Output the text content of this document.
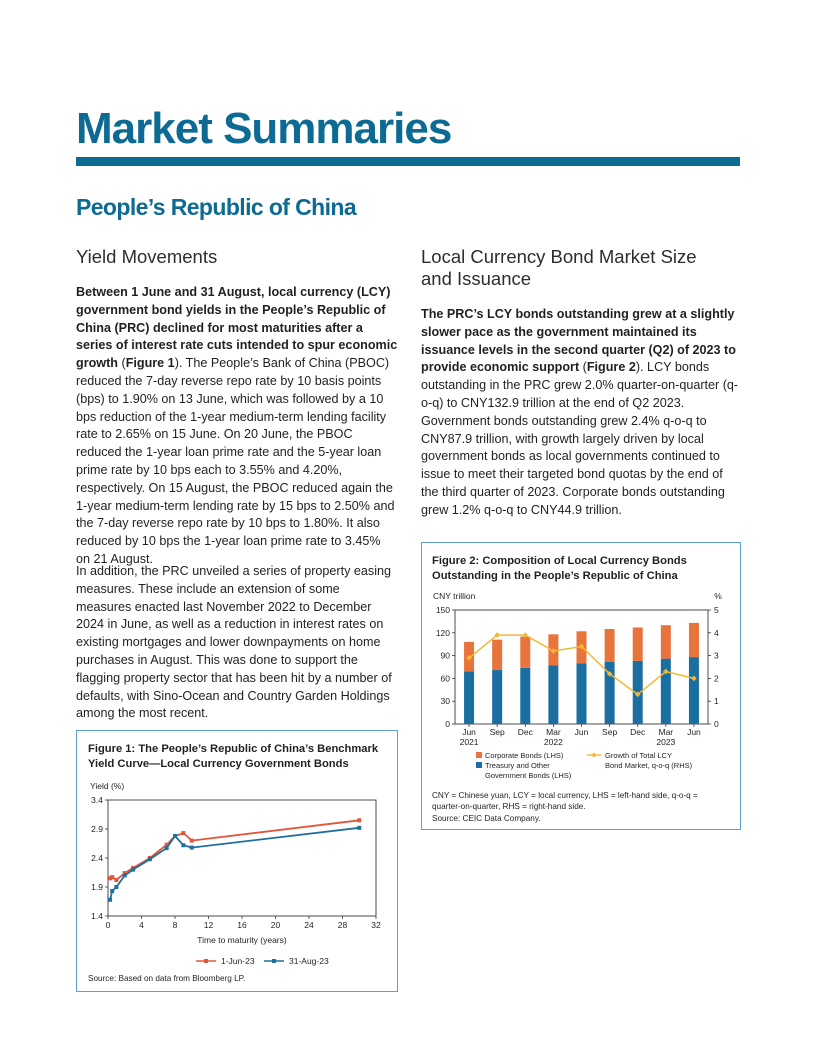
Market Summaries
People’s Republic of China
Yield Movements

Between 1 June and 31 August, local currency (LCY) government bond yields in the People’s Republic of China (PRC) declined for most maturities after a series of interest rate cuts intended to spur economic growth (Figure 1). The People’s Bank of China (PBOC) reduced the 7-day reverse repo rate by 10 basis points (bps) to 1.90% on 13 June, which was followed by a 10 bps reduction of the 1-year medium-term lending facility rate to 2.65% on 15 June. On 20 June, the PBOC reduced the 1-year loan prime rate and the 5-year loan prime rate by 10 bps each to 3.55% and 4.20%, respectively. On 15 August, the PBOC reduced again the 1-year medium-term lending rate by 15 bps to 2.50% and the 7-day reverse repo rate by 10 bps to 1.80%. It also reduced by 10 bps the 1-year loan prime rate to 3.45% on 21 August.

In addition, the PRC unveiled a series of property easing measures. These include an extension of some measures enacted last November 2022 to December 2024 in June, as well as a reduction in interest rates on existing mortgages and lower downpayments on home purchases in August. This was done to support the flagging property sector that has been hit by a number of defaults, with Sino-Ocean and Country Garden Holdings among the most recent.

Local Currency Bond Market Size
and Issuance

The PRC’s LCY bonds outstanding grew at a slightly slower pace as the government maintained its issuance levels in the second quarter (Q2) of 2023 to provide economic support (Figure 2). LCY bonds outstanding in the PRC grew 2.0% quarter-on-quarter (q-o-q) to CNY132.9 trillion at the end of Q2 2023. Government bonds outstanding grew 2.4% q-o-q to CNY87.9 trillion, with growth largely driven by local government bonds as local governments continued to issue to meet their targeted bond quotas by the end of the third quarter of 2023. Corporate bonds outstanding grew 1.2% q-o-q to CNY44.9 trillion.

Figure 1: The People’s Republic of China’s Benchmark
Yield Curve—Local Currency Government Bonds

Yield (%)
1.4
1.9
2.4
2.9
3.4
0	4	8	12	16	20	24	28	32
Time to maturity (years)
1-Jun-23	31-Aug-23
Source: Based on data from Bloomberg LP.

Figure 2: Composition of Local Currency Bonds
Outstanding in the People’s Republic of China

CNY trillion	%
0
30
60
90
120
150
0
1
2
3
4
5
Jun
2021
Sep Dec Mar
2022
Jun Sep Dec Mar
2023
Jun
Corporate Bonds (LHS)
Treasury and Other
Government Bonds (LHS)
Growth of Total LCY
Bond Market, q-o-q (RHS)
CNY = Chinese yuan, LCY = local currency, LHS = left-hand side, q-o-q =
quarter-on-quarter, RHS = right-hand side.
Source: CEIC Data Company.
